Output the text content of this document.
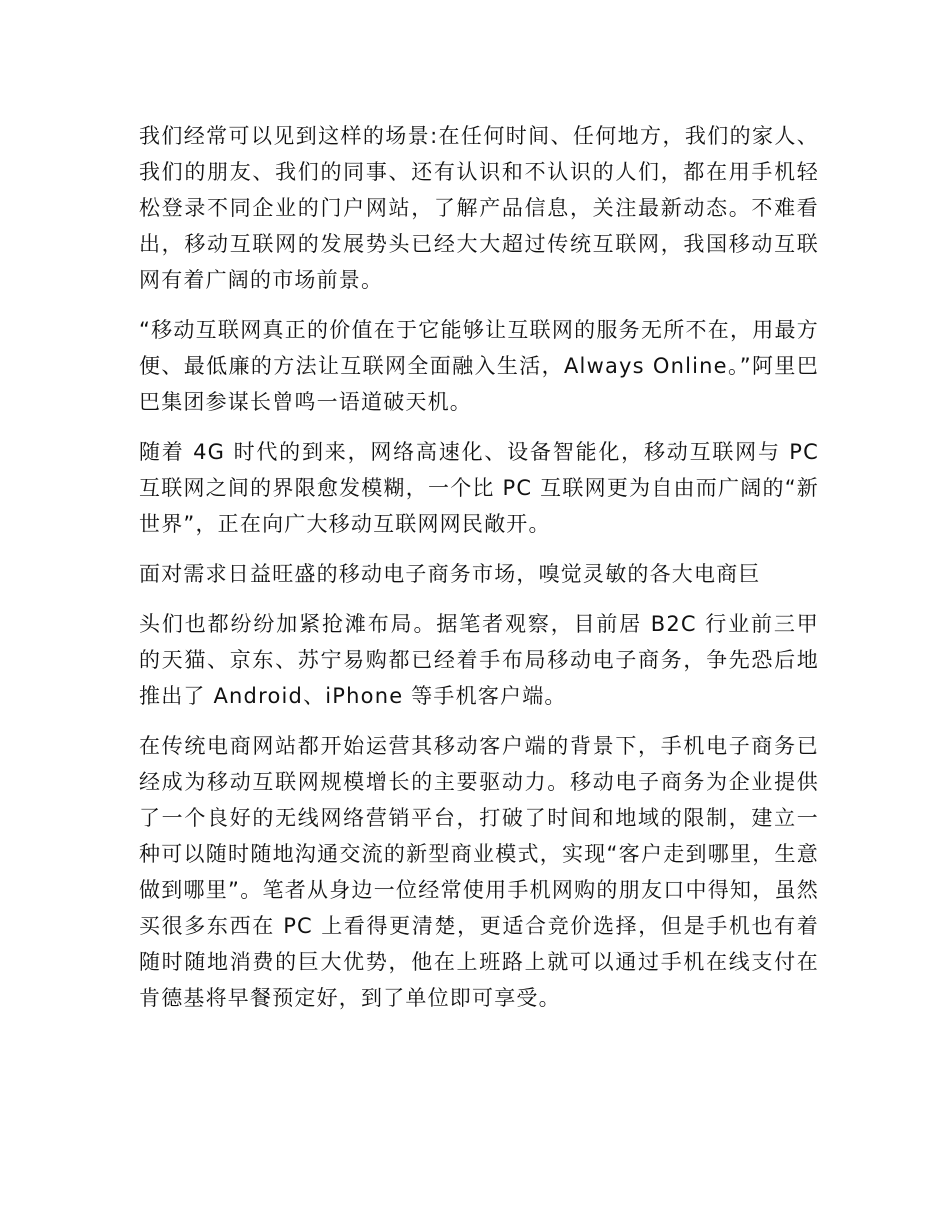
我们经常可以见到这样的场景:在任何时间、任何地方，我们的家人、我们的朋友、我们的同事、还有认识和不认识的人们，都在用手机轻松登录不同企业的门户网站，了解产品信息，关注最新动态。不难看出，移动互联网的发展势头已经大大超过传统互联网，我国移动互联网有着广阔的市场前景。

“移动互联网真正的价值在于它能够让互联网的服务无所不在，用最方便、最低廉的方法让互联网全面融入生活，Always Online。”阿里巴巴集团参谋长曾鸣一语道破天机。

随着 4G 时代的到来，网络高速化、设备智能化，移动互联网与 PC 互联网之间的界限愈发模糊，一个比 PC 互联网更为自由而广阔的“新世界”，正在向广大移动互联网网民敞开。

面对需求日益旺盛的移动电子商务市场，嗅觉灵敏的各大电商巨

头们也都纷纷加紧抢滩布局。据笔者观察，目前居 B2C 行业前三甲的天猫、京东、苏宁易购都已经着手布局移动电子商务，争先恐后地推出了 Android、iPhone 等手机客户端。

在传统电商网站都开始运营其移动客户端的背景下，手机电子商务已经成为移动互联网规模增长的主要驱动力。移动电子商务为企业提供了一个良好的无线网络营销平台，打破了时间和地域的限制，建立一种可以随时随地沟通交流的新型商业模式，实现“客户走到哪里，生意做到哪里”。笔者从身边一位经常使用手机网购的朋友口中得知，虽然买很多东西在 PC 上看得更清楚，更适合竞价选择，但是手机也有着随时随地消费的巨大优势，他在上班路上就可以通过手机在线支付在肯德基将早餐预定好，到了单位即可享受。
